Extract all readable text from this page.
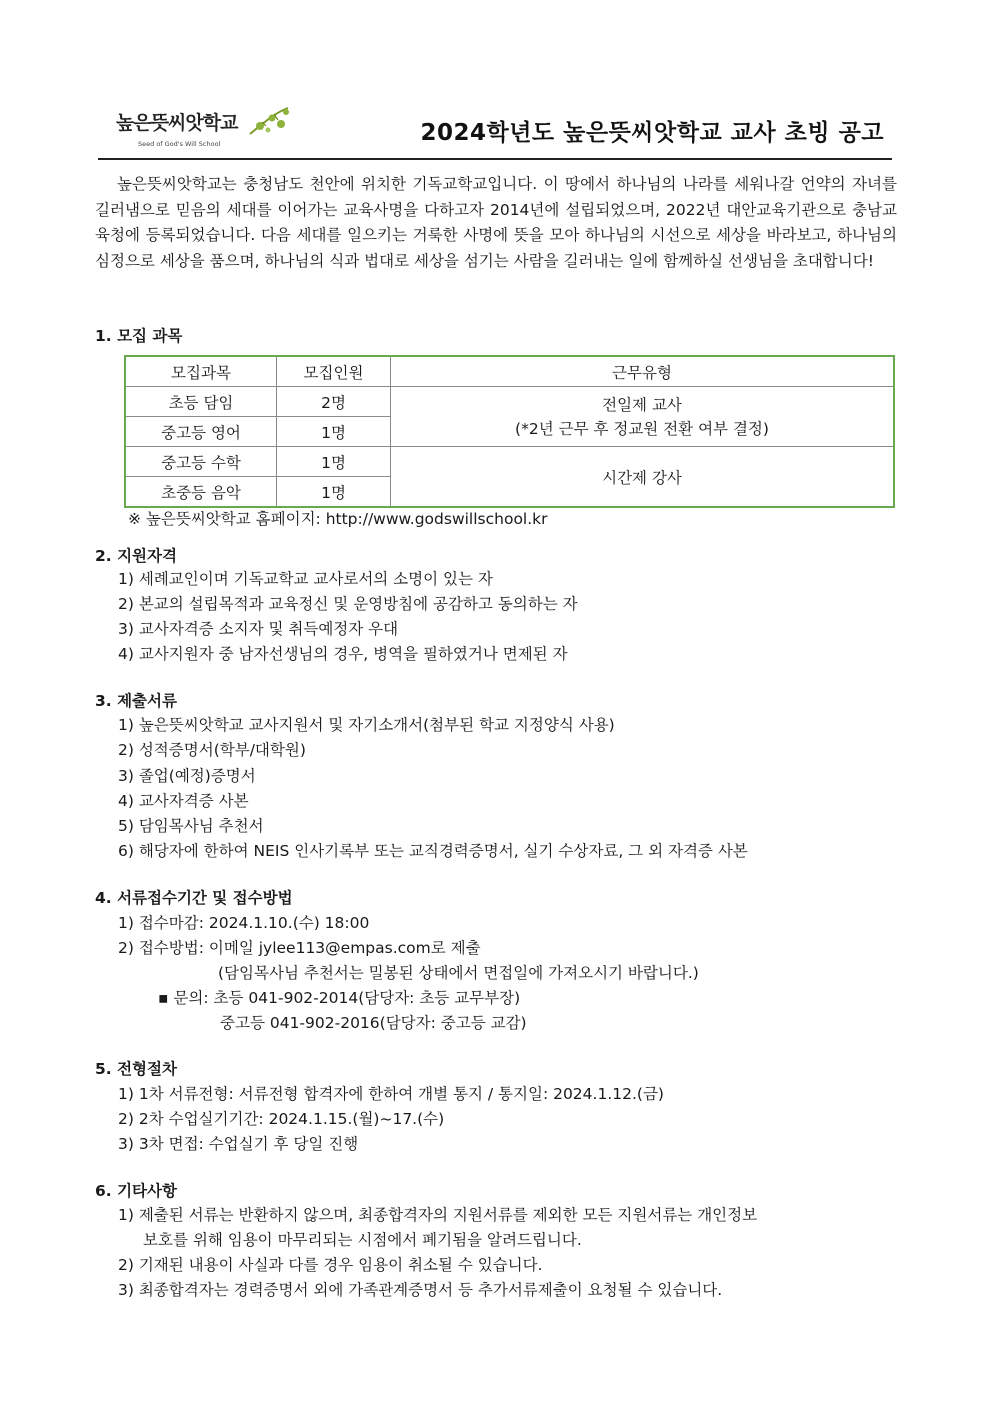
높은뜻씨앗학교
Seed of God's Will School	2024학년도 높은뜻씨앗학교 교사 초빙 공고
높은뜻씨앗학교는 충청남도 천안에 위치한 기독교학교입니다. 이 땅에서 하나님의 나라를 세워나갈 언약의 자녀를 길러냄으로 믿음의 세대를 이어가는 교육사명을 다하고자 2014년에 설립되었으며, 2022년 대안교육기관으로 충남교육청에 등록되었습니다. 다음 세대를 일으키는 거룩한 사명에 뜻을 모아 하나님의 시선으로 세상을 바라보고, 하나님의 심정으로 세상을 품으며, 하나님의 식과 법대로 세상을 섬기는 사람을 길러내는 일에 함께하실 선생님을 초대합니다!
1. 모집 과목
모집과목	모집인원	근무유형
초등 담임	2명	전일제 교사
(*2년 근무 후 정교원 전환 여부 결정)

중고등 영어	1명	
중고등 수학	1명	시간제 강사
초중등 음악	1명	
※ 높은뜻씨앗학교 홈페이지: http://www.godswillschool.kr
2. 지원자격
1) 세례교인이며 기독교학교 교사로서의 소명이 있는 자
2) 본교의 설립목적과 교육정신 및 운영방침에 공감하고 동의하는 자
3) 교사자격증 소지자 및 취득예정자 우대
4) 교사지원자 중 남자선생님의 경우, 병역을 필하였거나 면제된 자
3. 제출서류
1) 높은뜻씨앗학교 교사지원서 및 자기소개서(첨부된 학교 지정양식 사용)
2) 성적증명서(학부/대학원)
3) 졸업(예정)증명서
4) 교사자격증 사본
5) 담임목사님 추천서
6) 해당자에 한하여 NEIS 인사기록부 또는 교직경력증명서, 실기 수상자료, 그 외 자격증 사본
4. 서류접수기간 및 접수방법
1) 접수마감: 2024.1.10.(수) 18:00
2) 접수방법: 이메일 jylee113@empas.com로 제출
(담임목사님 추천서는 밀봉된 상태에서 면접일에 가져오시기 바랍니다.)
▪ 문의: 초등 041-902-2014(담당자: 초등 교무부장)
중고등 041-902-2016(담당자: 중고등 교감)
5. 전형절차
1) 1차 서류전형: 서류전형 합격자에 한하여 개별 통지 / 통지일: 2024.1.12.(금)
2) 2차 수업실기기간: 2024.1.15.(월)~17.(수)
3) 3차 면접: 수업실기 후 당일 진행
6. 기타사항
1) 제출된 서류는 반환하지 않으며, 최종합격자의 지원서류를 제외한 모든 지원서류는 개인정보
보호를 위해 임용이 마무리되는 시점에서 폐기됨을 알려드립니다.
2) 기재된 내용이 사실과 다를 경우 임용이 취소될 수 있습니다.
3) 최종합격자는 경력증명서 외에 가족관계증명서 등 추가서류제출이 요청될 수 있습니다.
